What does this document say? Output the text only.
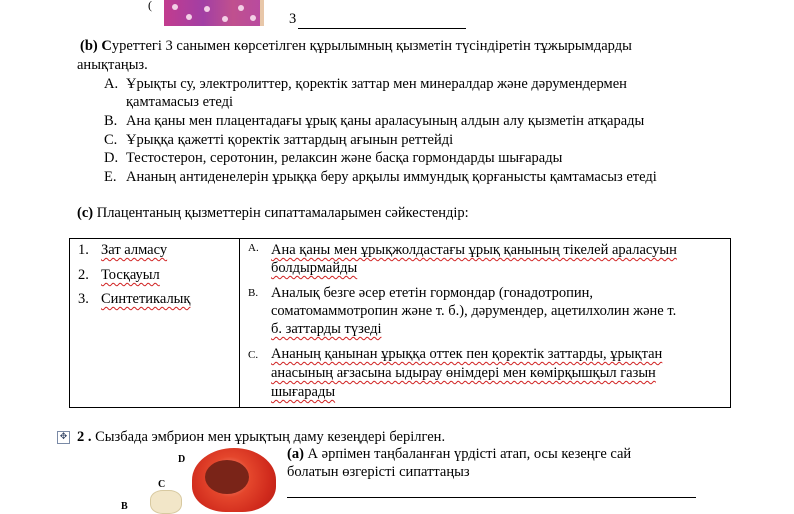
(
3
(b) Суреттегі 3 санымен көрсетілген құрылымның қызметін түсіндіретін тұжырымдарды
анықтаңыз.
A. Ұрықты су, электролиттер, қоректік заттар мен минералдар және дәрумендермен
қамтамасыз етеді
B. Ана қаны мен плацентадағы ұрық қаны араласуының алдын алу қызметін атқарады
C. Ұрыққа қажетті қоректік заттардың ағынын реттейді
D. Тестостерон, серотонин, релаксин және басқа гормондарды шығарады
E. Ананың антиденелерін ұрыққа беру арқылы иммундық қорғанысты қамтамасыз етеді
(c) Плацентаның қызметтерін сипаттамаларымен сәйкестендір:
1. Зат алмасу
2. Тосқауыл
3. Синтетикалық

A. Ана қаны мен ұрықжолдастағы ұрық қанының тікелей араласуын
болдырмайды
B. Аналық безге әсер ететін гормондар (гонадотропин,
соматомаммотропин және т. б.), дәрумендер, ацетилхолин және т.
б. заттарды түзеді
C. Ананың қанынан ұрыққа оттек пен қоректік заттарды, ұрықтан
анасының ағзасына ыдырау өнімдері мен көмірқышқыл газын
шығарады
✥ 2 . Сызбада эмбрион мен ұрықтың даму кезеңдері берілген.
(a) А әрпімен таңбаланған үрдісті атап, осы кезеңге сай
болатын өзгерісті сипаттаңыз
D
C
B
